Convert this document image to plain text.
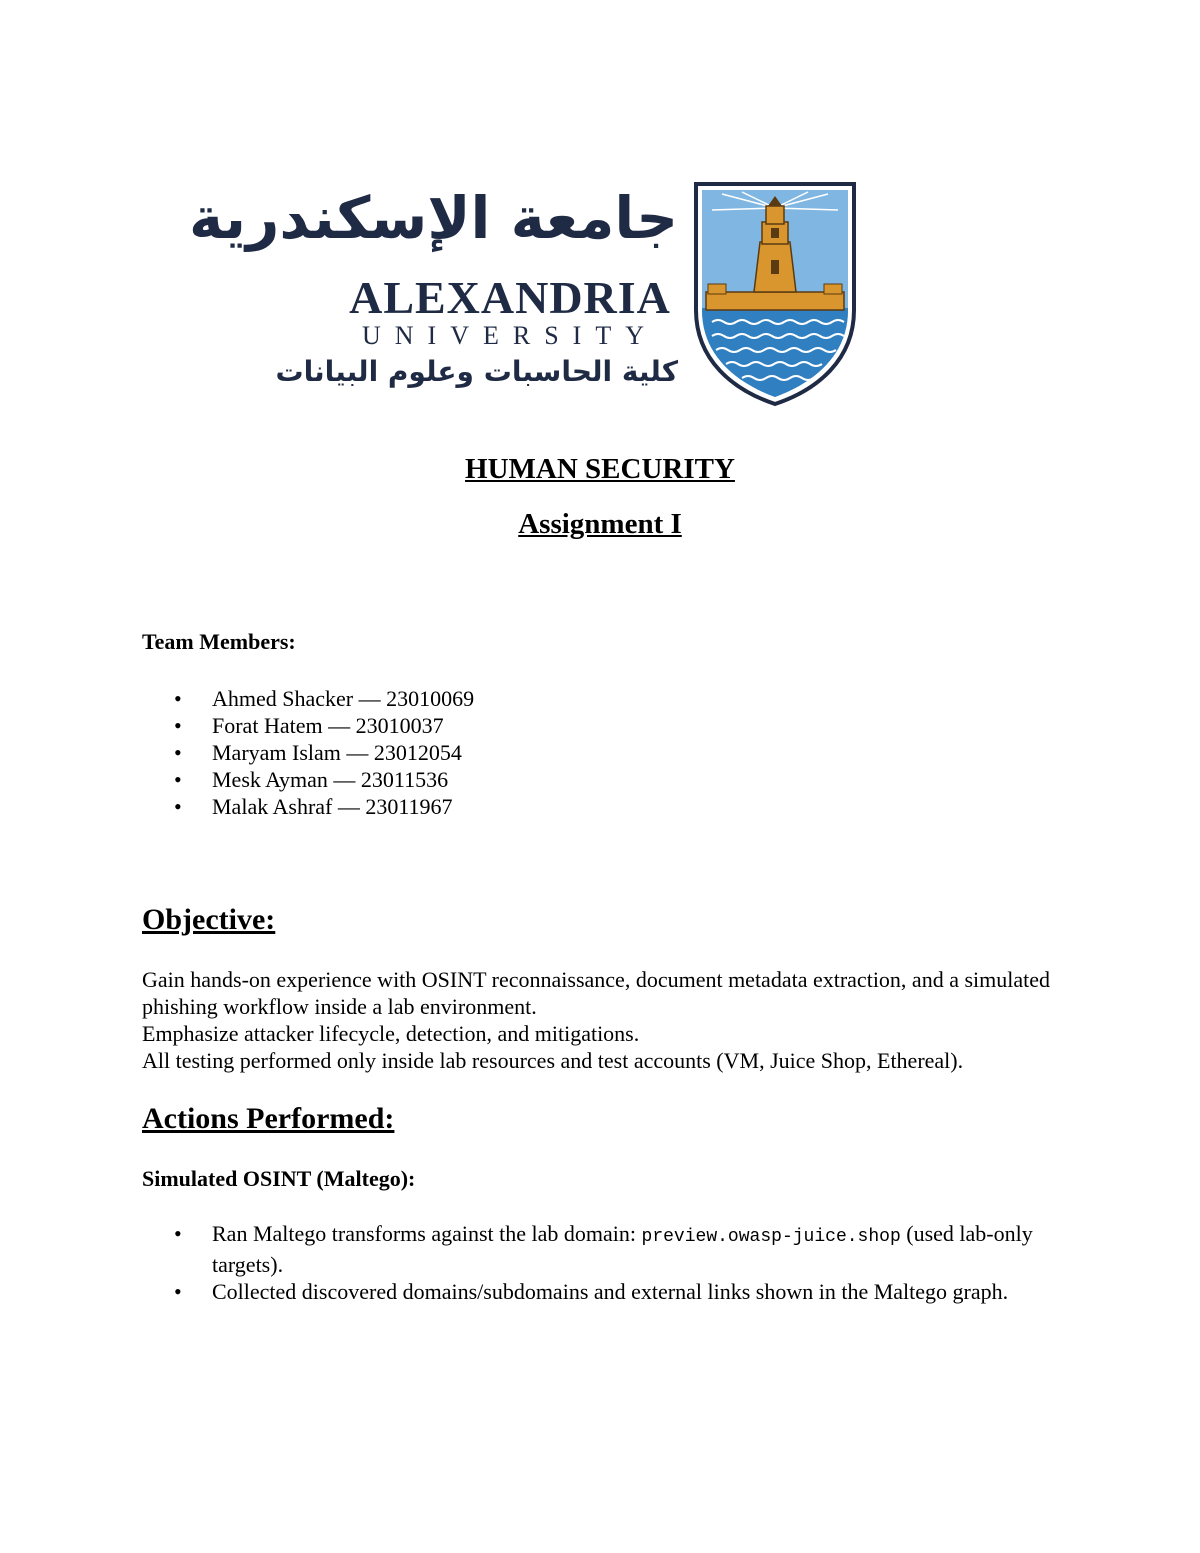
جامعة الإسكندرية
ALEXANDRIA
UNIVERSITY
كلية الحاسبات وعلوم البيانات
HUMAN SECURITY
Assignment I

Team Members:

• Ahmed Shacker — 23010069
• Forat Hatem — 23010037
• Maryam Islam — 23012054
• Mesk Ayman — 23011536
• Malak Ashraf — 23011967
Objective:

Gain hands-on experience with OSINT reconnaissance, document metadata extraction, and a simulated phishing workflow inside a lab environment.

Emphasize attacker lifecycle, detection, and mitigations.

All testing performed only inside lab resources and test accounts (VM, Juice Shop, Ethereal).

Actions Performed:

Simulated OSINT (Maltego):

• Ran Maltego transforms against the lab domain: preview.owasp-juice.shop (used lab-only targets).
• Collected discovered domains/subdomains and external links shown in the Maltego graph.
